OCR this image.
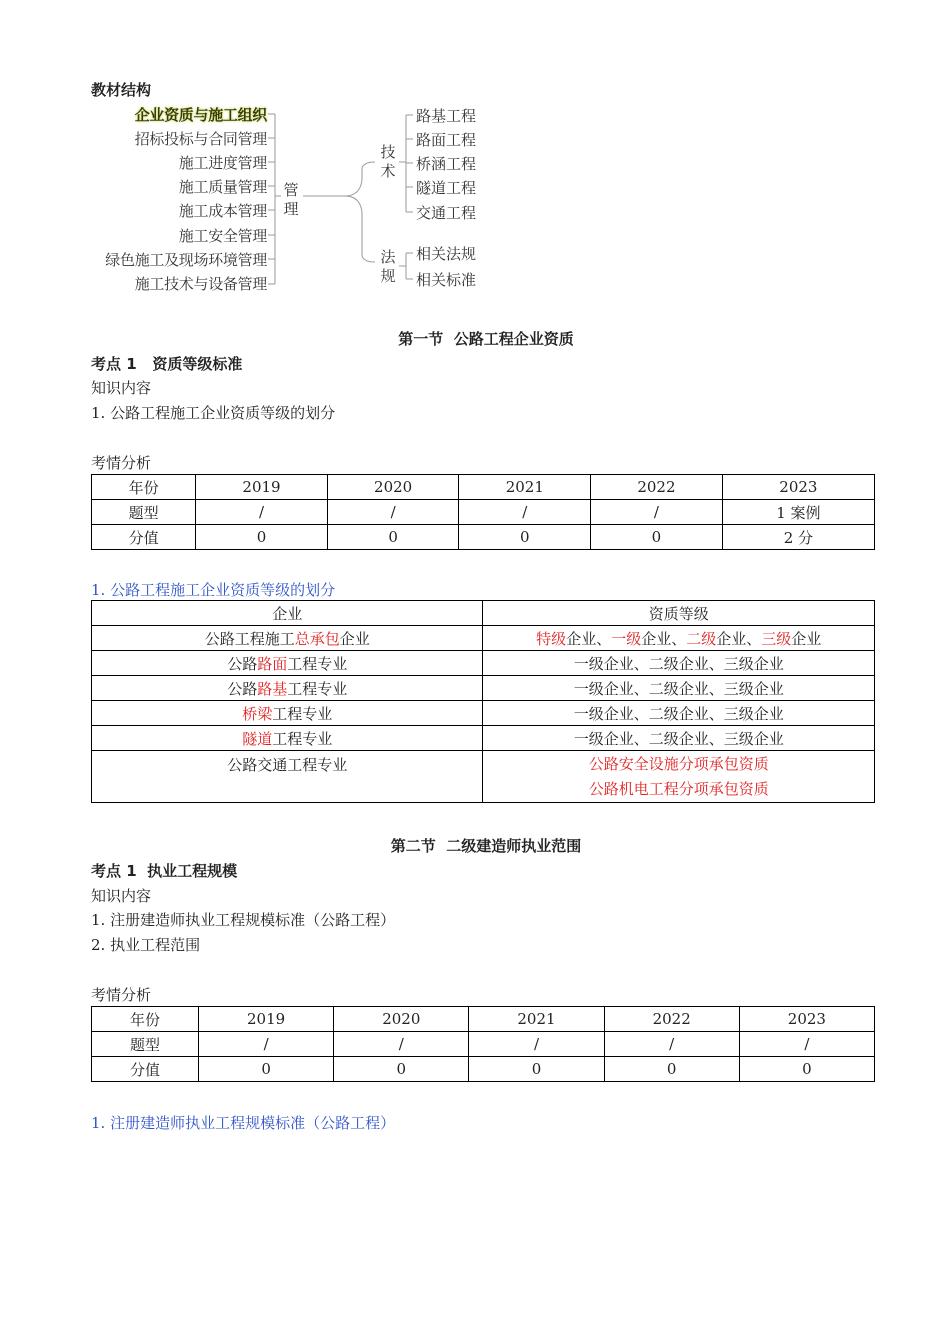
教材结构
企业资质与施工组织
招标投标与合同管理
施工进度管理
施工质量管理
施工成本管理
施工安全管理
绿色施工及现场环境管理
施工技术与设备管理
管
理
技
术
法
规
路基工程
路面工程
桥涵工程
隧道工程
交通工程
相关法规
相关标准
第一节  公路工程企业资质
考点 1   资质等级标准
知识内容
1. 公路工程施工企业资质等级的划分
考情分析
年份	2019	2020	2021	2022	2023
题型	/	/	/	/	1 案例
分值	0	0	0	0	2 分
1. 公路工程施工企业资质等级的划分
企业	资质等级
公路工程施工总承包企业	特级企业、一级企业、二级企业、三级企业
公路路面工程专业	一级企业、二级企业、三级企业
公路路基工程专业	一级企业、二级企业、三级企业
桥梁工程专业	一级企业、二级企业、三级企业
隧道工程专业	一级企业、二级企业、三级企业
公路交通工程专业	公路安全设施分项承包资质
公路机电工程分项承包资质
第二节  二级建造师执业范围
考点 1  执业工程规模
知识内容
1. 注册建造师执业工程规模标准（公路工程）
2. 执业工程范围
考情分析
年份	2019	2020	2021	2022	2023
题型	/	/	/	/	/
分值	0	0	0	0	0
1. 注册建造师执业工程规模标准（公路工程）
